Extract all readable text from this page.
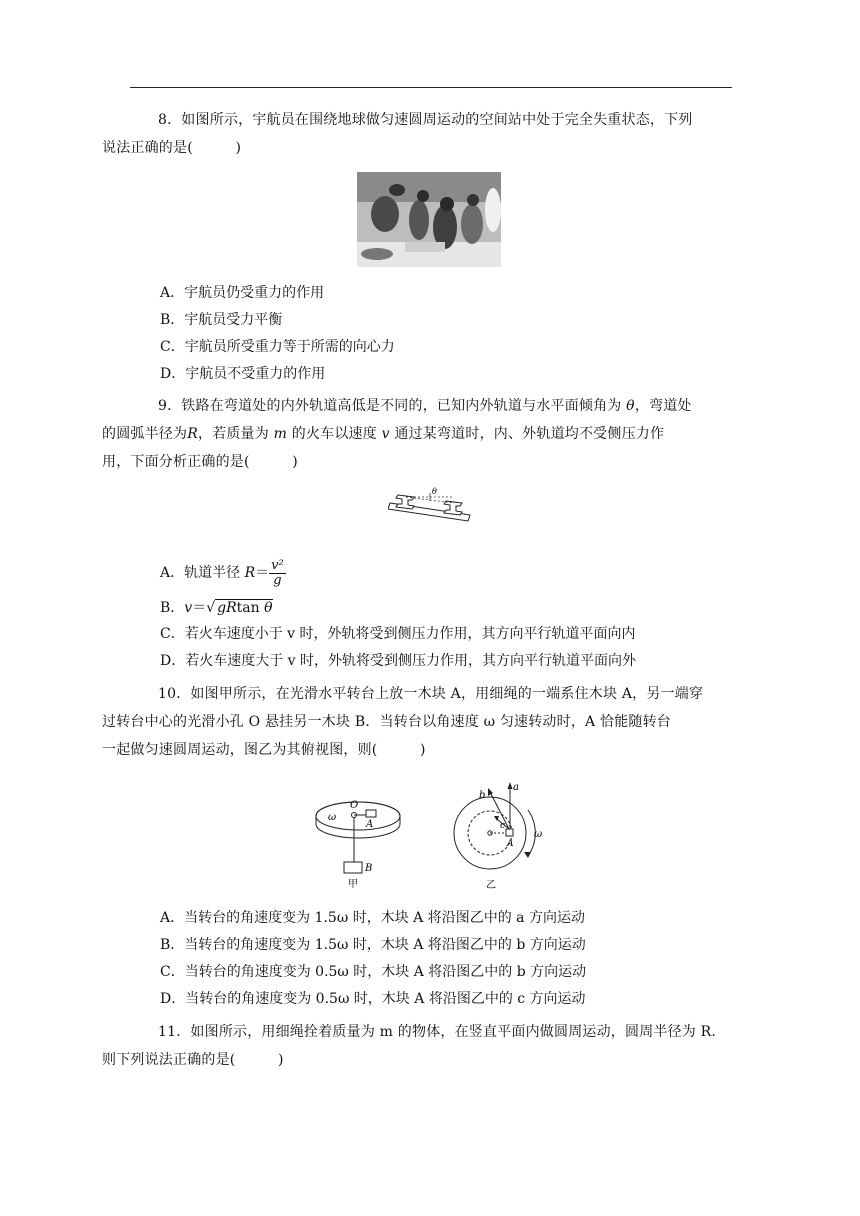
8．如图所示，宇航员在围绕地球做匀速圆周运动的空间站中处于完全失重状态，下列
说法正确的是(　　　)
A．宇航员仍受重力的作用
B．宇航员受力平衡
C．宇航员所受重力等于所需的向心力
D．宇航员不受重力的作用
9．铁路在弯道处的内外轨道高低是不同的，已知内外轨道与水平面倾角为 θ，弯道处
的圆弧半径为R，若质量为 m 的火车以速度 v 通过某弯道时，内、外轨道均不受侧压力作
用，下面分析正确的是(　　　)
θ
A．轨道半径 $R= \frac{\text{v²}}{g}$
B．v＝√ gRtan θ
C．若火车速度小于 v 时，外轨将受到侧压力作用，其方向平行轨道平面向内
D．若火车速度大于 v 时，外轨将受到侧压力作用，其方向平行轨道平面向外
10．如图甲所示，在光滑水平转台上放一木块 A，用细绳的一端系住木块 A，另一端穿
过转台中心的光滑小孔 O 悬挂另一木块 B．当转台以角速度 ω 匀速转动时，A 恰能随转台
一起做匀速圆周运动，图乙为其俯视图，则(　　　)
O
A
ω
B
甲
a
b
c
A
ω
乙
A．当转台的角速度变为 1.5ω 时，木块 A 将沿图乙中的 a 方向运动
B．当转台的角速度变为 1.5ω 时，木块 A 将沿图乙中的 b 方向运动
C．当转台的角速度变为 0.5ω 时，木块 A 将沿图乙中的 b 方向运动
D．当转台的角速度变为 0.5ω 时，木块 A 将沿图乙中的 c 方向运动
11．如图所示，用细绳拴着质量为 m 的物体，在竖直平面内做圆周运动，圆周半径为 R.
则下列说法正确的是(　　　)
